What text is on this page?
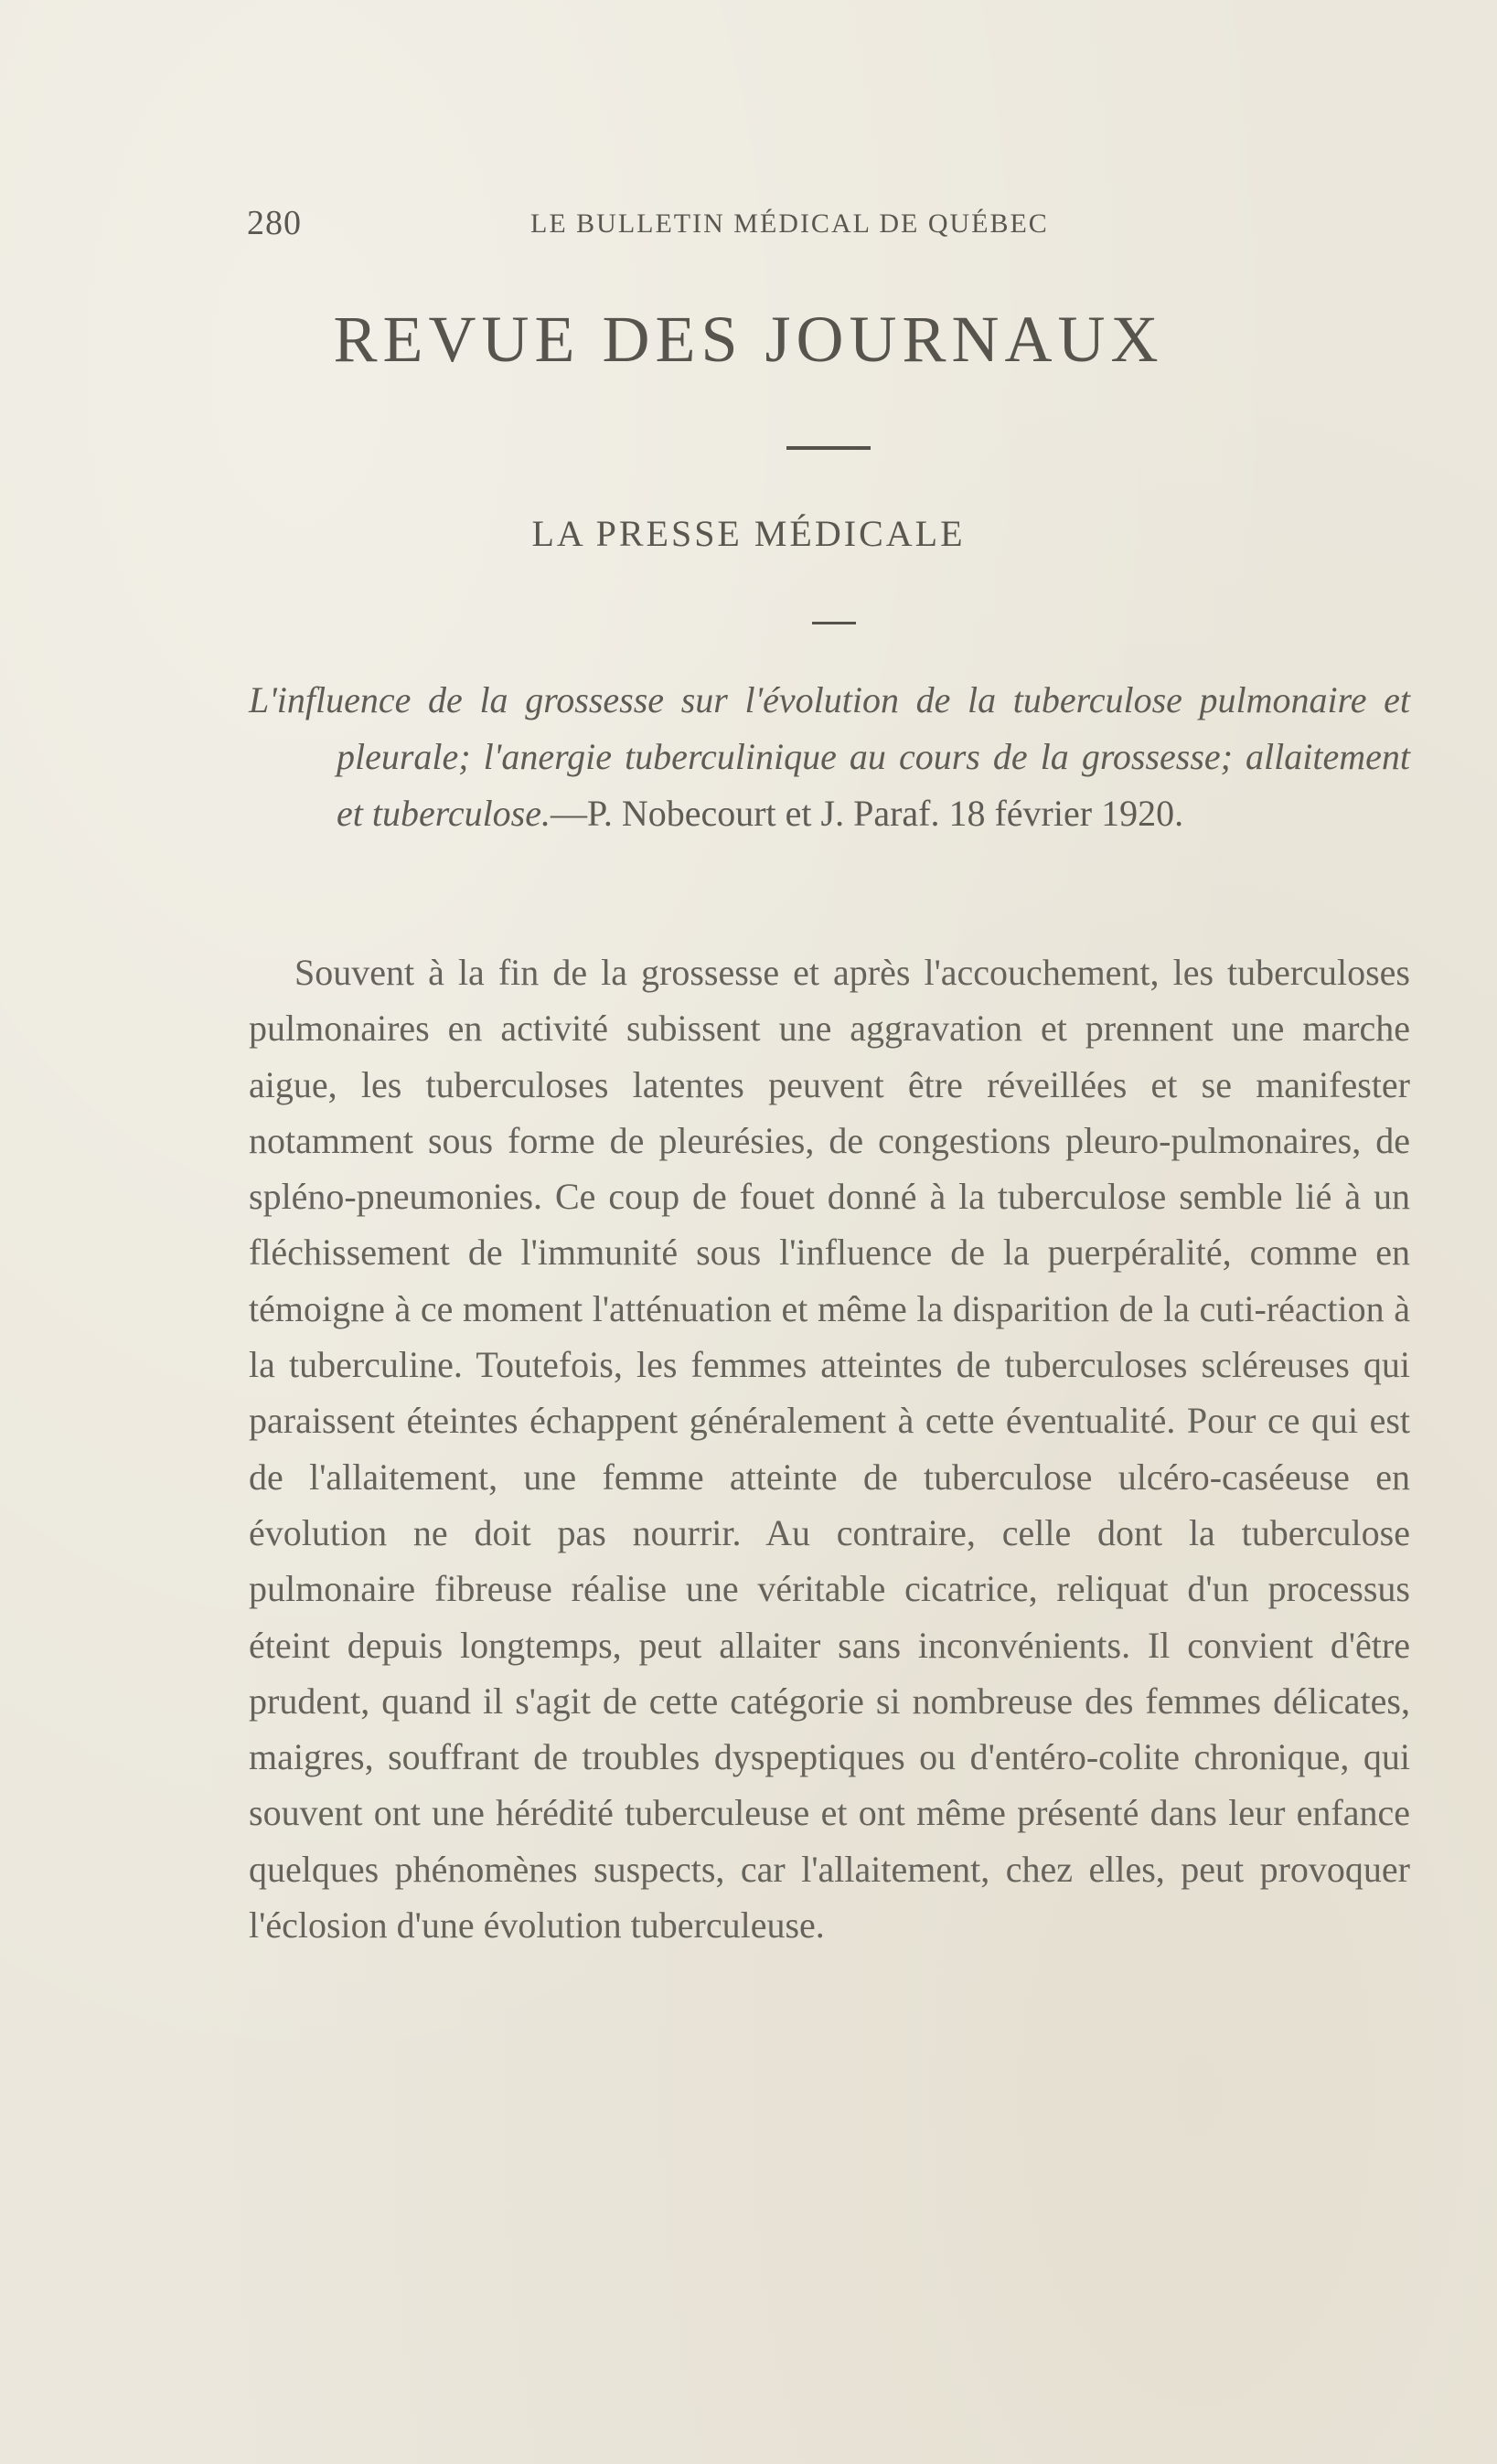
280	LE BULLETIN MÉDICAL DE QUÉBEC
REVUE DES JOURNAUX
LA PRESSE MÉDICALE

L'influence de la grossesse sur l'évolution de la tuberculose pulmonaire et pleurale; l'anergie tuberculinique au cours de la grossesse; allaitement et tuberculose.—P. Nobecourt et J. Paraf. 18 février 1920.

Souvent à la fin de la grossesse et après l'accouchement, les tuberculoses pulmonaires en activité subissent une aggravation et prennent une marche aigue, les tuberculoses latentes peuvent être réveillées et se manifester notamment sous forme de pleurésies, de congestions pleuro-pulmonaires, de spléno-pneumonies. Ce coup de fouet donné à la tuberculose semble lié à un fléchissement de l'immunité sous l'influence de la puerpéralité, comme en témoigne à ce moment l'atténuation et même la disparition de la cuti-réaction à la tuberculine. Toutefois, les femmes atteintes de tuberculoses scléreuses qui paraissent éteintes échappent généralement à cette éventualité. Pour ce qui est de l'allaitement, une femme atteinte de tuberculose ulcéro-caséeuse en évolution ne doit pas nourrir. Au contraire, celle dont la tuberculose pulmonaire fibreuse réalise une véritable cicatrice, reliquat d'un processus éteint depuis longtemps, peut allaiter sans inconvénients. Il convient d'être prudent, quand il s'agit de cette catégorie si nombreuse des femmes délicates, maigres, souffrant de troubles dyspeptiques ou d'entéro-colite chronique, qui souvent ont une hérédité tuberculeuse et ont même présenté dans leur enfance quelques phénomènes suspects, car l'allaitement, chez elles, peut provoquer l'éclosion d'une évolution tuberculeuse.
